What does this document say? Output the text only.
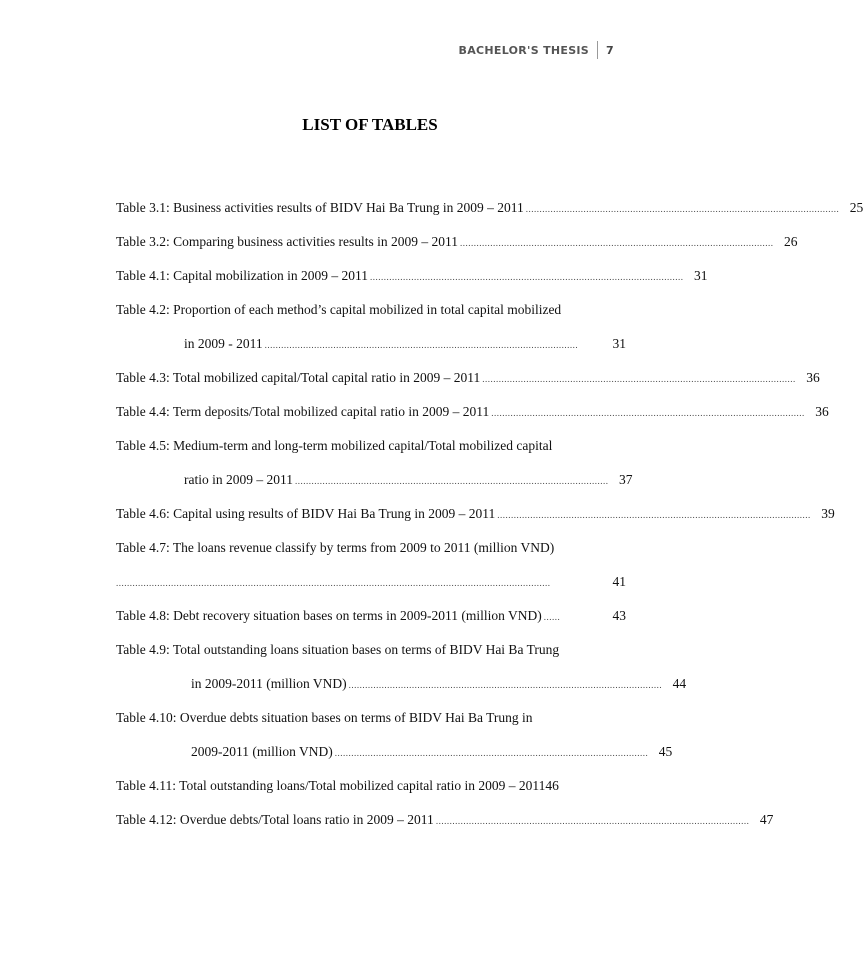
BACHELOR'S THESIS 7
LIST OF TABLES
Table 3.1: Business activities results of BIDV Hai Ba Trung in 2009 – 2011 .................................................................................................................. 25
Table 3.2: Comparing business activities results in 2009 – 2011 .................................................................................................................. 26
Table 4.1: Capital mobilization in 2009 – 2011 .................................................................................................................. 31
Table 4.2: Proportion of each method’s capital mobilized in total capital mobilized
in 2009 - 2011 ..................................................................................................................	31
Table 4.3: Total mobilized capital/Total capital ratio in 2009 – 2011 .................................................................................................................. 36
Table 4.4: Term deposits/Total mobilized capital ratio in 2009 – 2011 .................................................................................................................. 36
Table 4.5: Medium-term and long-term mobilized capital/Total mobilized capital
ratio in 2009 – 2011 .................................................................................................................. 37
Table 4.6: Capital using results of BIDV Hai Ba Trung in 2009 – 2011 .................................................................................................................. 39
Table 4.7: The loans revenue classify by terms from 2009 to 2011 (million VND)
..............................................................................................................................................................	41
Table 4.8: Debt recovery situation bases on terms in 2009-2011 (million VND) ......	43
Table 4.9: Total outstanding loans situation bases on terms of BIDV Hai Ba Trung
in 2009-2011 (million VND) .................................................................................................................. 44
Table 4.10: Overdue debts situation bases on terms of BIDV Hai Ba Trung in
2009-2011 (million VND) .................................................................................................................. 45
Table 4.11: Total outstanding loans/Total mobilized capital ratio in 2009 – 2011 46
Table 4.12: Overdue debts/Total loans ratio in 2009 – 2011 .................................................................................................................. 47
